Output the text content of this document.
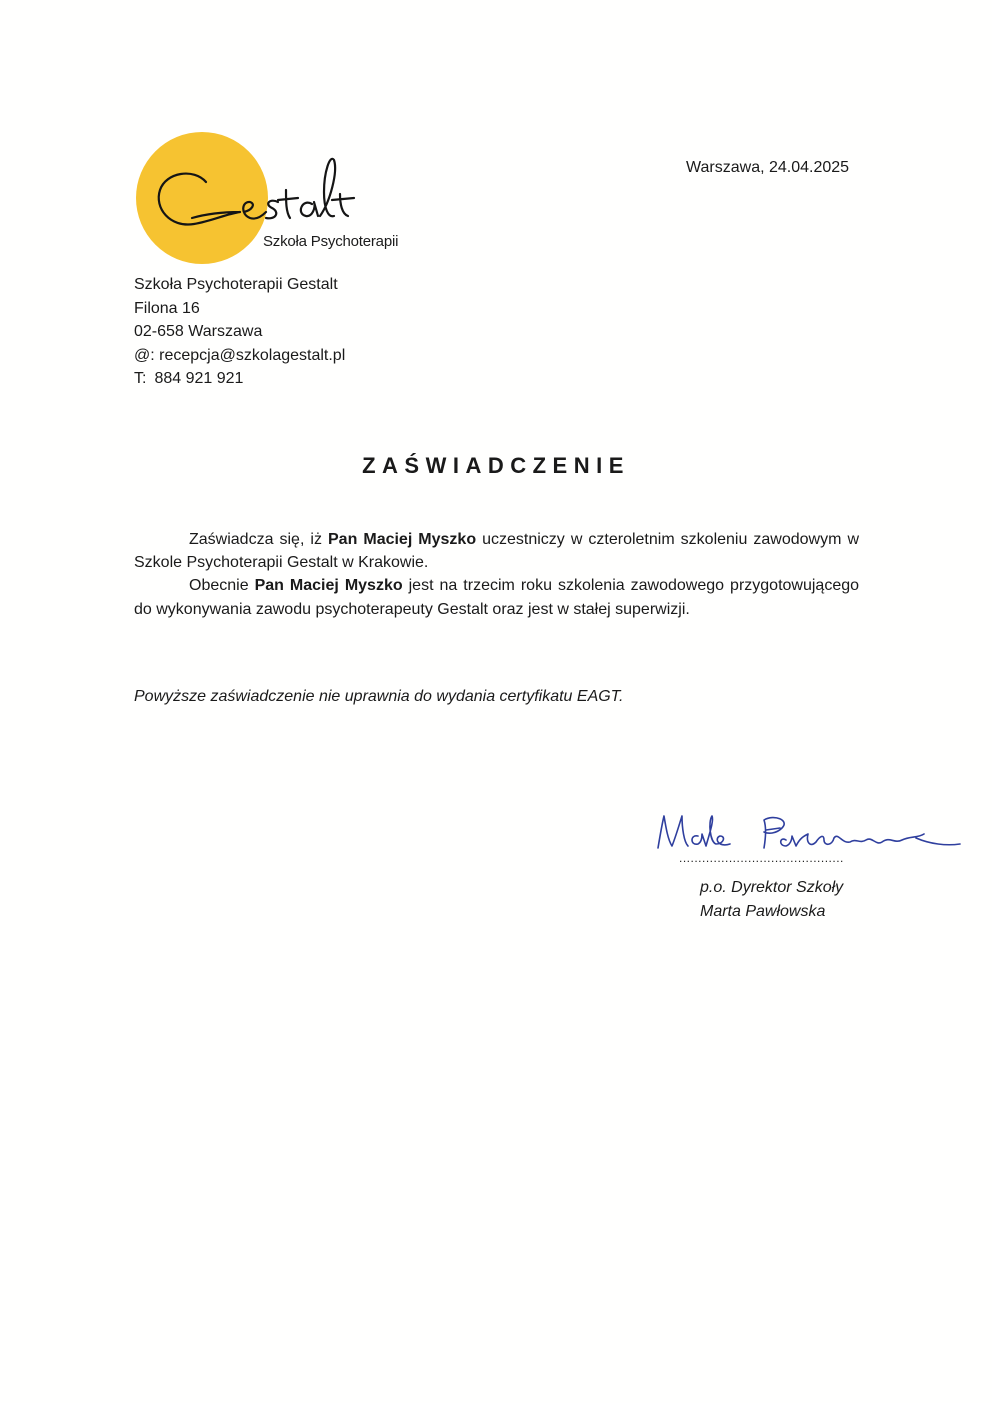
Szkoła Psychoterapii
Warszawa, 24.04.2025
Szkoła Psychoterapii Gestalt
Filona 16
02-658 Warszawa
@: recepcja@szkolagestalt.pl
T: 884 921 921
ZAŚWIADCZENIE

Zaświadcza się, iż Pan Maciej Myszko uczestniczy w czteroletnim szkoleniu zawodowym w Szkole Psychoterapii Gestalt w Krakowie.

Obecnie Pan Maciej Myszko jest na trzecim roku szkolenia zawodowego przygotowującego do wykonywania zawodu psychoterapeuty Gestalt oraz jest w stałej superwizji.

Powyższe zaświadczenie nie uprawnia do wydania certyfikatu EAGT.
...........................................
p.o. Dyrektor Szkoły
Marta Pawłowska
